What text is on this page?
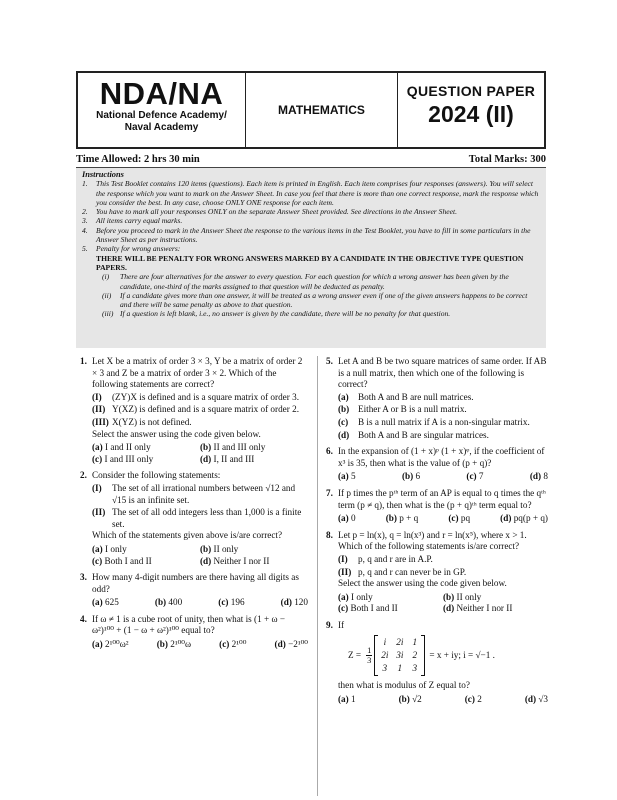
NDA/NA
National Defence Academy/
Naval Academy
MATHEMATICS
QUESTION PAPER
2024 (II)
Time Allowed: 2 hrs 30 min	Total Marks: 300
Instructions
1.	This Test Booklet contains 120 items (questions). Each item is printed in English. Each item comprises four responses (answers). You will select the response which you want to mark on the Answer Sheet. In case you feel that there is more than one correct response, mark the response which you consider the best. In any case, choose ONLY ONE response for each item.
2.	You have to mark all your responses ONLY on the separate Answer Sheet provided. See directions in the Answer Sheet.
3.	All items carry equal marks.
4.	Before you proceed to mark in the Answer Sheet the response to the various items in the Test Booklet, you have to fill in some particulars in the Answer Sheet as per instructions.
5.	Penalty for wrong answers:
THERE WILL BE PENALTY FOR WRONG ANSWERS MARKED BY A CANDIDATE IN THE OBJECTIVE TYPE QUESTION PAPERS.
(i)	There are four alternatives for the answer to every question. For each question for which a wrong answer has been given by the candidate, one-third of the marks assigned to that question will be deducted as penalty.
(ii)	If a candidate gives more than one answer, it will be treated as a wrong answer even if one of the given answers happens to be correct and there will be same penalty as above to that question.
(iii) If a question is left blank, i.e., no answer is given by the candidate, there will be no penalty for that question.
1. Let X be a matrix of order 3 × 3, Y be a matrix of order 2 × 3 and Z be a matrix of order 3 × 2. Which of the following statements are correct?
(I)	(ZY)X is defined and is a square matrix of order 3.
(II) Y(XZ) is defined and is a square matrix of order 2.
(III) X(YZ) is not defined.
Select the answer using the code given below.
(a) I and II only	(b) II and III only
(c) I and III only	(d) I, II and III
2. Consider the following statements:
(I)	The set of all irrational numbers between √12 and √15 is an infinite set.
(II) The set of all odd integers less than 1,000 is a finite set.
Which of the statements given above is/are correct?
(a) I only	(b) II only
(c) Both I and II	(d) Neither I nor II
3. How many 4-digit numbers are there having all digits as odd?
(a) 625	(b) 400	(c) 196	(d) 120
4. If ω ≠ 1 is a cube root of unity, then what is (1 + ω − ω²)¹⁰⁰ + (1 − ω + ω²)¹⁰⁰ equal to?
(a) 2¹⁰⁰ω²	(b) 2¹⁰⁰ω	(c) 2¹⁰⁰	(d) −2¹⁰⁰
5. Let A and B be two square matrices of same order. If AB is a null matrix, then which one of the following is correct?
(a)	Both A and B are null matrices.
(b) Either A or B is a null matrix.
(c)	B is a null matrix if A is a non-singular matrix.
(d) Both A and B are singular matrices.
6. In the expansion of (1 + x)ᵖ (1 + x)ᵠ, if the coefficient of x³ is 35, then what is the value of (p + q)?
(a) 5	(b) 6	(c) 7	(d) 8
7. If p times the pᵗʰ term of an AP is equal to q times the qᵗʰ term (p ≠ q), then what is the (p + q)ᵗʰ term equal to?
(a) 0	(b) p + q	(c) pq	(d) pq(p + q)
8. Let p = ln(x), q = ln(x³) and r = ln(x⁵), where x > 1. Which of the following statements is/are correct?
(I)	p, q and r are in A.P.
(II) p, q and r can never be in GP.
Select the answer using the code given below.
(a) I only	(b) II only
(c) Both I and II	(d) Neither I nor II
9. If
$Z = \frac{1}{3}$
i	2i 1
2i 3i 2
3	1	3
= x + iy; i = √−1 .
then what is modulus of Z equal to?
(a) 1	(b) √2	(c) 2	(d) √3
